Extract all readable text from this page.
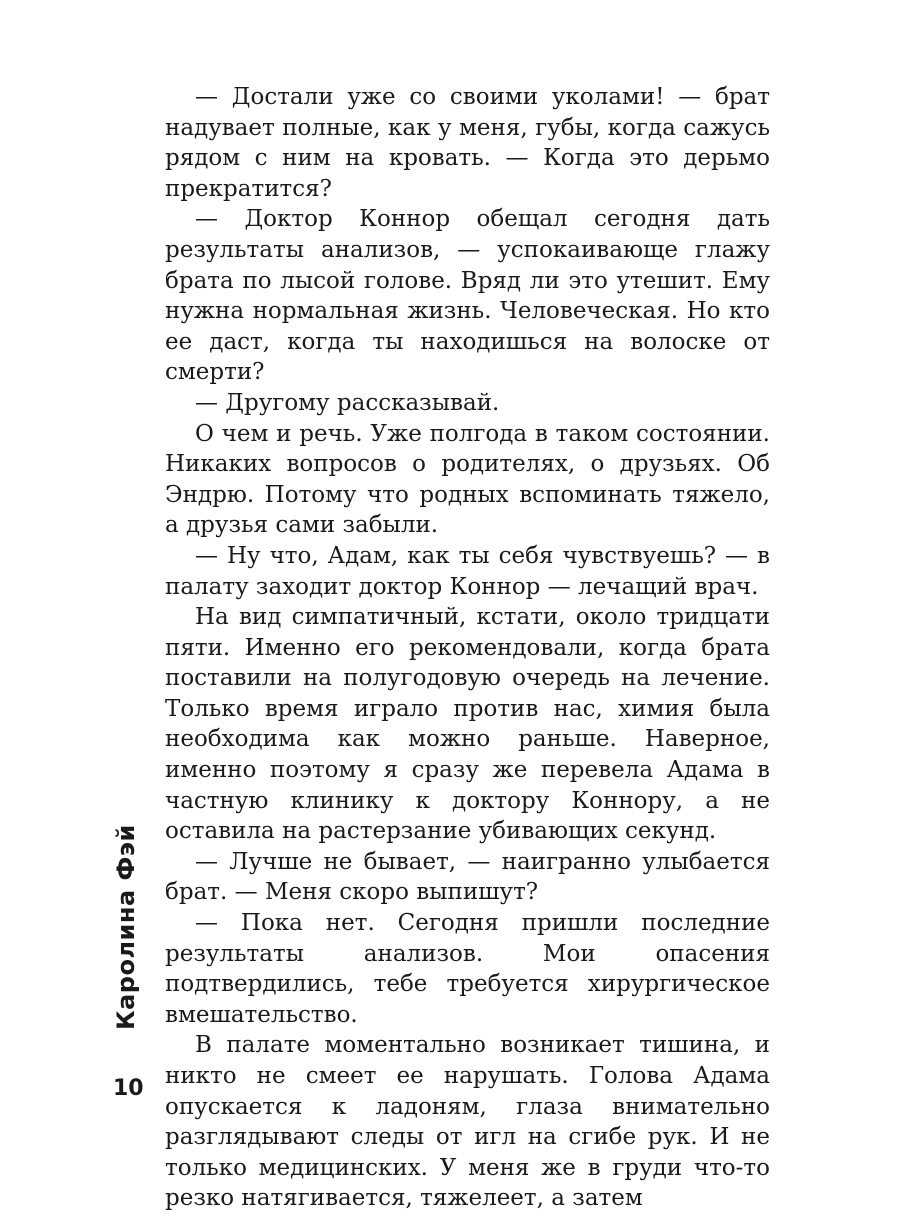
— Достали уже со своими уколами! — брат надувает полные, как у меня, губы, когда сажусь рядом с ним на кровать. — Когда это дерьмо прекратится?

— Доктор Коннор обещал сегодня дать результаты анализов, — успокаивающе глажу брата по лысой голове. Вряд ли это утешит. Ему нужна нормальная жизнь. Человеческая. Но кто ее даст, когда ты находишься на волоске от смерти?

— Другому рассказывай.

О чем и речь. Уже полгода в таком состоянии. Никаких вопросов о родителях, о друзьях. Об Эндрю. Потому что родных вспоминать тяжело, а друзья сами забыли.

— Ну что, Адам, как ты себя чувствуешь? — в палату заходит доктор Коннор — лечащий врач.

На вид симпатичный, кстати, около тридцати пяти. Именно его рекомендовали, когда брата поставили на полугодовую очередь на лечение. Только время играло против нас, химия была необходима как можно раньше. Наверное, именно поэтому я сразу же перевела Адама в частную клинику к доктору Коннору, а не оставила на растерзание убивающих секунд.

— Лучше не бывает, — наигранно улыбается брат. — Меня скоро выпишут?

— Пока нет. Сегодня пришли последние результаты анализов. Мои опасения подтвердились, тебе требуется хирургическое вмешательство.

В палате моментально возникает тишина, и никто не смеет ее нарушать. Голова Адама опускается к ладоням, глаза внимательно разглядывают следы от игл на сгибе рук. И не только медицинских. У меня же в груди что-то резко натягивается, тяжелеет, а затем

Каролина Фэй
10
